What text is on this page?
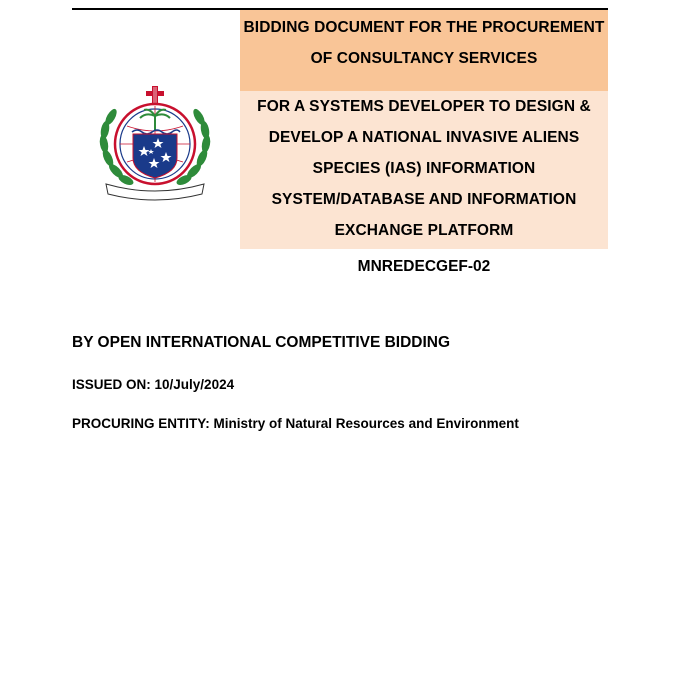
BIDDING DOCUMENT FOR THE PROCUREMENT
OF CONSULTANCY SERVICES

FOR A SYSTEMS DEVELOPER TO DESIGN &
DEVELOP A NATIONAL INVASIVE ALIENS
SPECIES (IAS) INFORMATION
SYSTEM/DATABASE AND INFORMATION
EXCHANGE PLATFORM

MNREDECGEF-02
BY OPEN INTERNATIONAL COMPETITIVE BIDDING
ISSUED ON: 10/July/2024
PROCURING ENTITY: Ministry of Natural Resources and Environment
